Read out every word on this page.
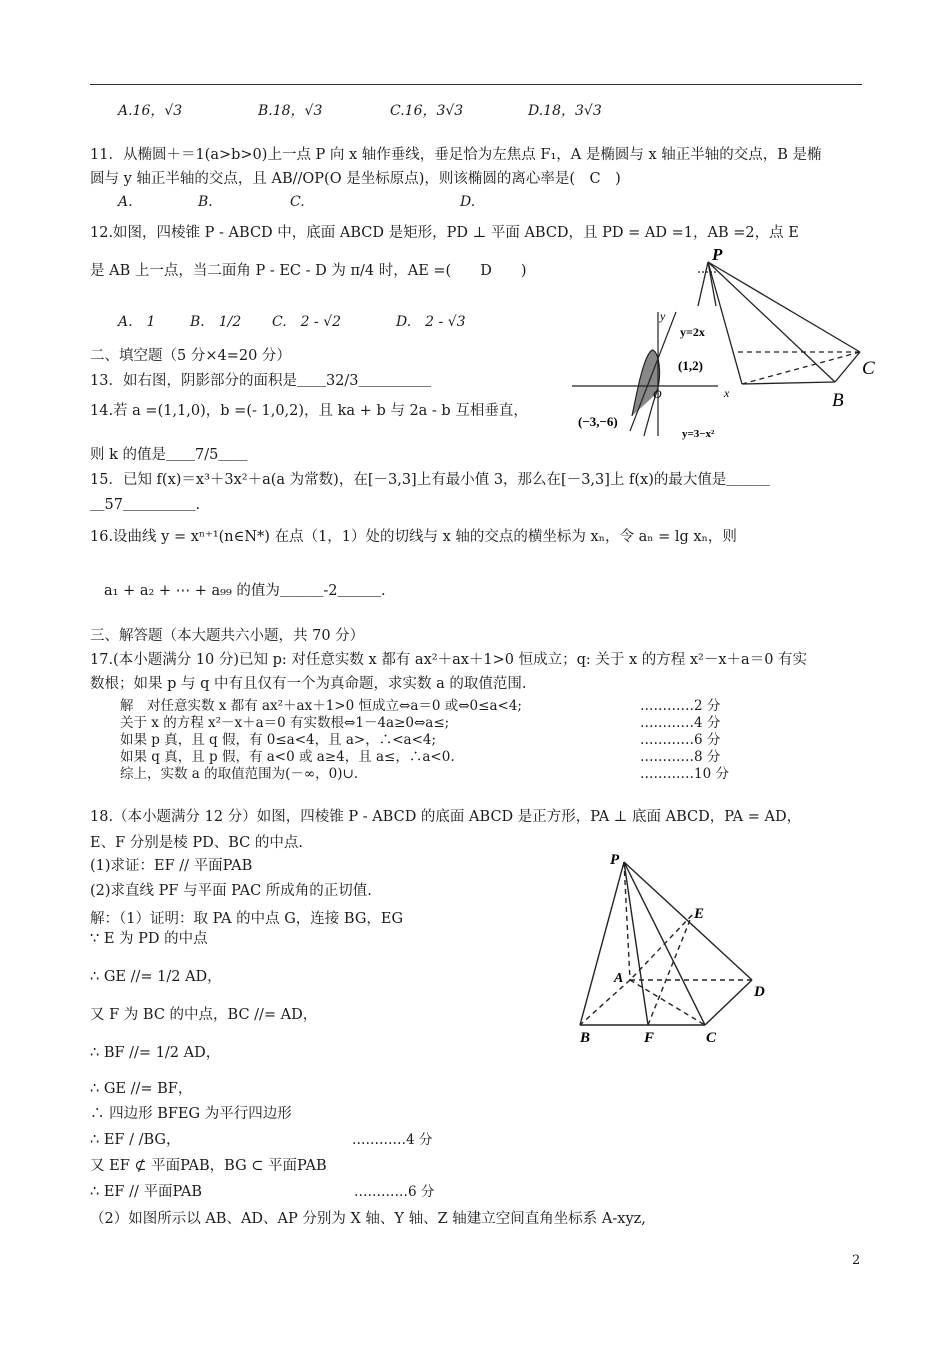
A.16，√3	B.18，√3	C.16，3√3	D.18，3√3
11．从椭圆＋＝1(a>b>0)上一点 P 向 x 轴作垂线，垂足恰为左焦点 F₁，A 是椭圆与 x 轴正半轴的交点，B 是椭
圆与 y 轴正半轴的交点，且 AB//OP(O 是坐标原点)，则该椭圆的离心率是(　C　)
A.	B.	C.	D.
12.如图，四棱锥 P - ABCD 中，底面 ABCD 是矩形，PD ⊥ 平面 ABCD，且 PD = AD =1，AB =2，点 E
是 AB 上一点，当二面角 P - EC - D 为 π/4 时，AE =(　　D　　)
A.　1 B.　1/2 C.　2 - √2	D.　2 - √3
二、填空题（5 分×4=20 分）
13．如右图，阴影部分的面积是＿＿32/3＿＿＿＿＿
14.若 a =(1,1,0)，b =(- 1,0,2)，且 ka + b 与 2a - b 互相垂直，
则 k 的值是＿＿7/5＿＿
15．已知 f(x)＝x³＋3x²＋a(a 为常数)，在[－3,3]上有最小值 3，那么在[－3,3]上 f(x)的最大值是＿＿＿
＿57＿＿＿＿＿.
16.设曲线 y = xⁿ⁺¹(n∈N*) 在点（1，1）处的切线与 x 轴的交点的横坐标为 xₙ，令 aₙ = lg xₙ，则
a₁ + a₂ + ⋯ + a₉₉ 的值为＿＿＿-2＿＿＿.
三、解答题（本大题共六小题，共 70 分）
17.(本小题满分 10 分)已知 p: 对任意实数 x 都有 ax²＋ax＋1>0 恒成立；q: 关于 x 的方程 x²－x＋a＝0 有实
数根；如果 p 与 q 中有且仅有一个为真命题，求实数 a 的取值范围.
解　对任意实数 x 都有 ax²＋ax＋1>0 恒成立⇔a＝0 或⇔0≤a<4;	…………2 分
关于 x 的方程 x²－x＋a＝0 有实数根⇔1－4a≥0⇔a≤;	…………4 分
如果 p 真，且 q 假，有 0≤a<4，且 a>，∴<a<4;	…………6 分
如果 q 真，且 p 假，有 a<0 或 a≥4，且 a≤，∴a<0.	…………8 分
综上，实数 a 的取值范围为(－∞，0)∪.	…………10 分
18.（本小题满分 12 分）如图，四棱锥 P - ABCD 的底面 ABCD 是正方形，PA ⊥ 底面 ABCD，PA = AD，
E、F 分别是棱 PD、BC 的中点.
(1)求证：EF // 平面PAB
(2)求直线 PF 与平面 PAC 所成角的正切值.
解：（1）证明：取 PA 的中点 G，连接 BG，EG
∵ E 为 PD 的中点
∴ GE //= 1/2 AD，
又 F 为 BC 的中点，BC //= AD，
∴ BF //= 1/2 AD，
∴ GE //= BF，
∴ 四边形 BFEG 为平行四边形
∴ EF / /BG，	…………4 分
又 EF ⊄ 平面PAB，BG ⊂ 平面PAB
∴ EF // 平面PAB	…………6 分
（2）如图所示以 AB、AD、AP 分别为 X 轴、Y 轴、Z 轴建立空间直角坐标系 A-xyz,
P
C
B
y
x
O
y=2x
(1,2)
(−3,−6)
y=3−x²
P
E
A
D
B	F	C
2
